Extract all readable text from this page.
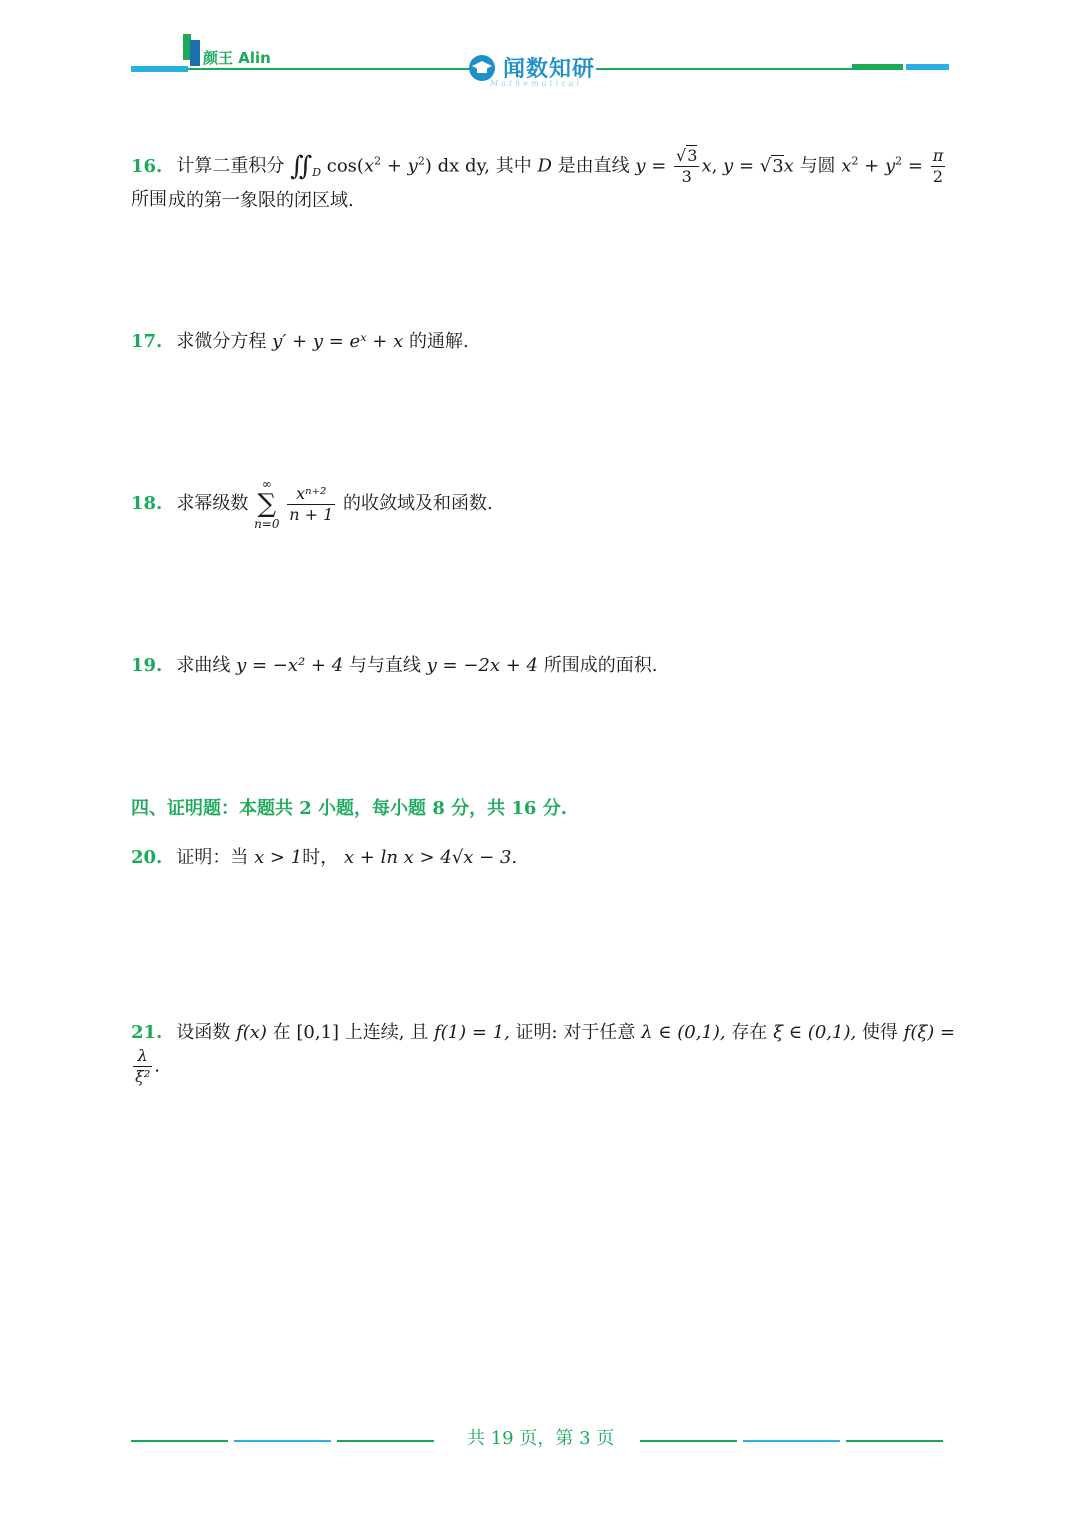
颜王 Alin	闻数知研
Mathematical
16. 计算二重积分 $∬_D$ $\cos(x^2 + y^2)$ dx dy, 其中 D 是由直线 $y = \frac{√3}{3} x$, y = √3x 与圆 $x^2 + y^2 = \frac{\pi}{2}$
所围 成的第一象限的闭区域.
17. 求微分方程 y′ + y = eˣ + x 的通解.
18. 求幂级数
∞
∑
n=0
$\frac{\text{xⁿ⁺²}}{n + 1}$ 的收敛域及和函数.
19. 求曲线 y = −x² + 4 与与直线 y = −2x + 4 所围成的面积.
四、证明题：本题共 2 小题，每小题 8 分，共 16 分.
20. 证明：当 x > 1时， x + ln x > 4√x − 3.
21. 设函数 f(x) 在 [0,1] 上连续, 且 f(1) = 1, 证明: 对于任意 λ ∈ (0,1), 存在 ξ ∈ (0,1), 使得 f(ξ) =
$\frac{\lambda}{\text{ξ²}}$ .
共 19 页，第 3 页
